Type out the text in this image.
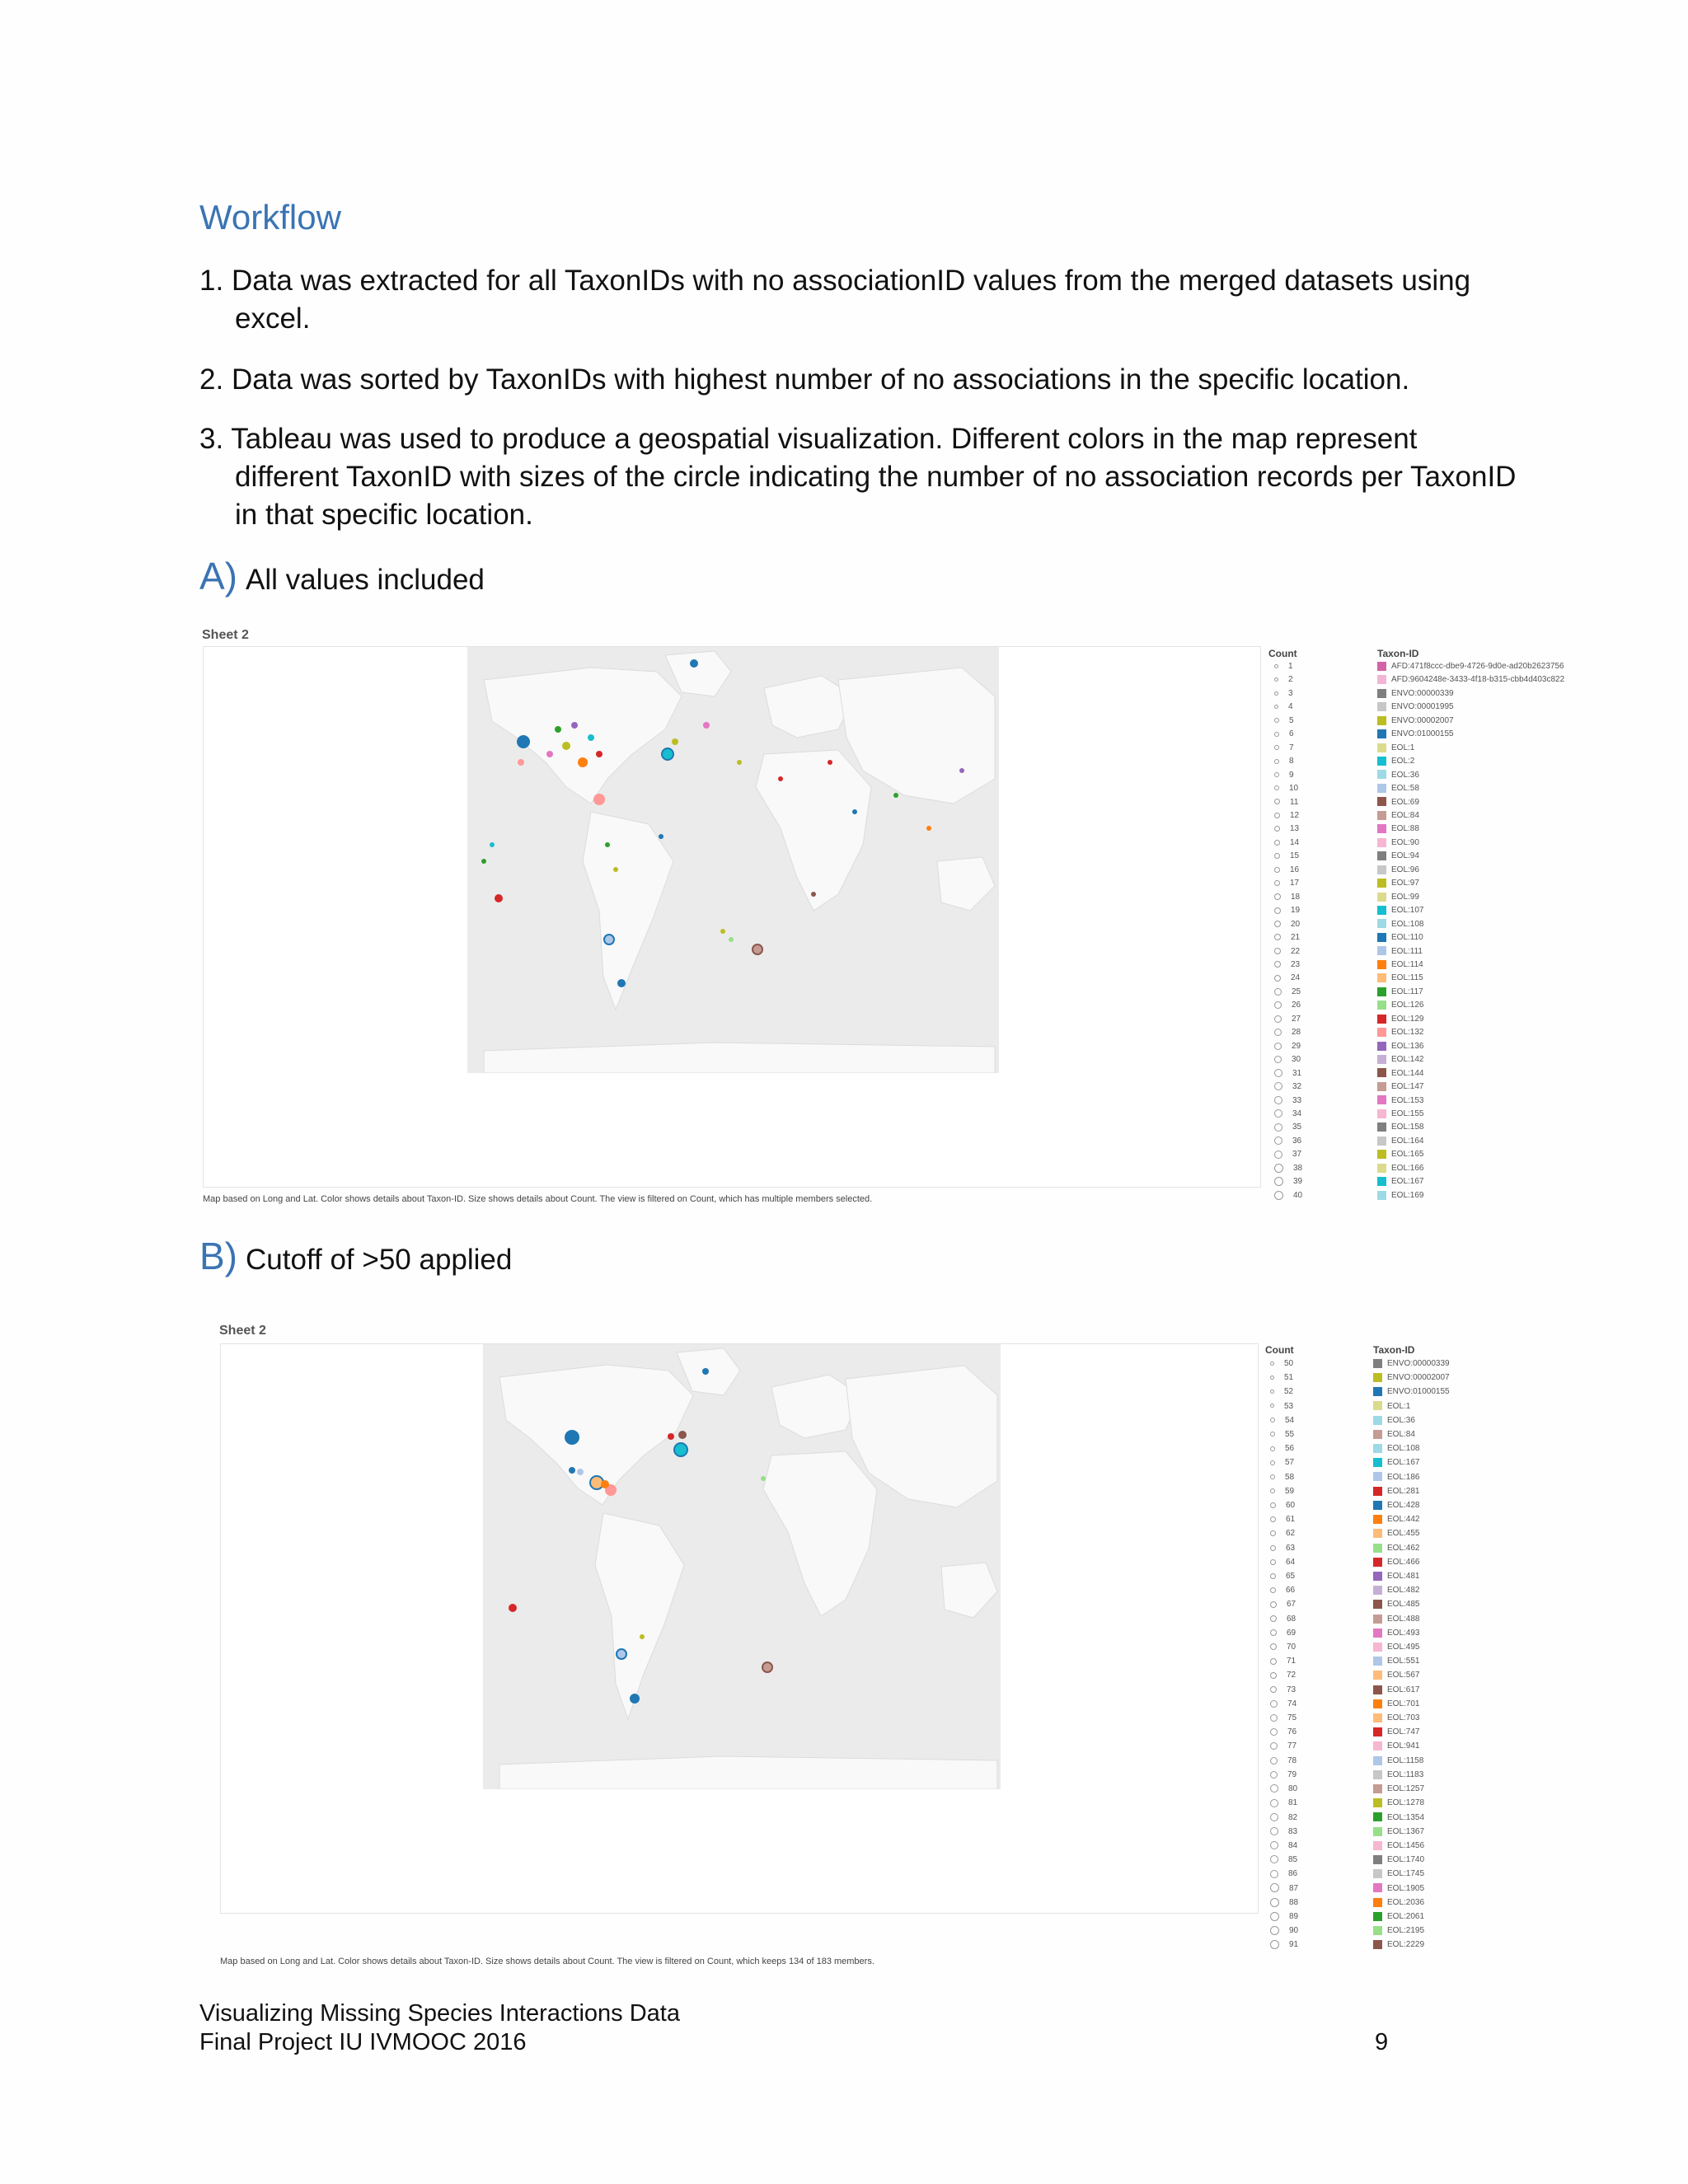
Workflow
1. Data was extracted for all TaxonIDs with no associationID values from the merged datasets using excel.
2. Data was sorted by TaxonIDs with highest number of no associations in the specific location.
3. Tableau was used to produce a geospatial visualization. Different colors in the map represent different TaxonID with sizes of the circle indicating the number of no association records per TaxonID in that specific location.
A) All values included
Sheet 2
Map based on Long and Lat. Color shows details about Taxon-ID. Size shows details about Count. The view is filtered on Count, which has multiple members selected.
Count
1
2
3
4
5
6
7
8
9
10
11
12
13
14
15
16
17
18
19
20
21
22
23
24
25
26
27
28
29
30
31
32
33
34
35
36
37
38
39
40
Taxon-ID
AFD:471f8ccc-dbe9-4726-9d0e-ad20b2623756
AFD:9604248e-3433-4f18-b315-cbb4d403c822
ENVO:00000339
ENVO:00001995
ENVO:00002007
ENVO:01000155
EOL:1
EOL:2
EOL:36
EOL:58
EOL:69
EOL:84
EOL:88
EOL:90
EOL:94
EOL:96
EOL:97
EOL:99
EOL:107
EOL:108
EOL:110
EOL:111
EOL:114
EOL:115
EOL:117
EOL:126
EOL:129
EOL:132
EOL:136
EOL:142
EOL:144
EOL:147
EOL:153
EOL:155
EOL:158
EOL:164
EOL:165
EOL:166
EOL:167
EOL:169
B) Cutoff of >50 applied
Sheet 2
Map based on Long and Lat. Color shows details about Taxon-ID. Size shows details about Count. The view is filtered on Count, which keeps 134 of 183 members.
Count
50
51
52
53
54
55
56
57
58
59
60
61
62
63
64
65
66
67
68
69
70
71
72
73
74
75
76
77
78
79
80
81
82
83
84
85
86
87
88
89
90
91
Taxon-ID
ENVO:00000339
ENVO:00002007
ENVO:01000155
EOL:1
EOL:36
EOL:84
EOL:108
EOL:167
EOL:186
EOL:281
EOL:428
EOL:442
EOL:455
EOL:462
EOL:466
EOL:481
EOL:482
EOL:485
EOL:488
EOL:493
EOL:495
EOL:551
EOL:567
EOL:617
EOL:701
EOL:703
EOL:747
EOL:941
EOL:1158
EOL:1183
EOL:1257
EOL:1278
EOL:1354
EOL:1367
EOL:1456
EOL:1740
EOL:1745
EOL:1905
EOL:2036
EOL:2061
EOL:2195
EOL:2229
Visualizing Missing Species Interactions Data
Final Project IU IVMOOC 2016	9
